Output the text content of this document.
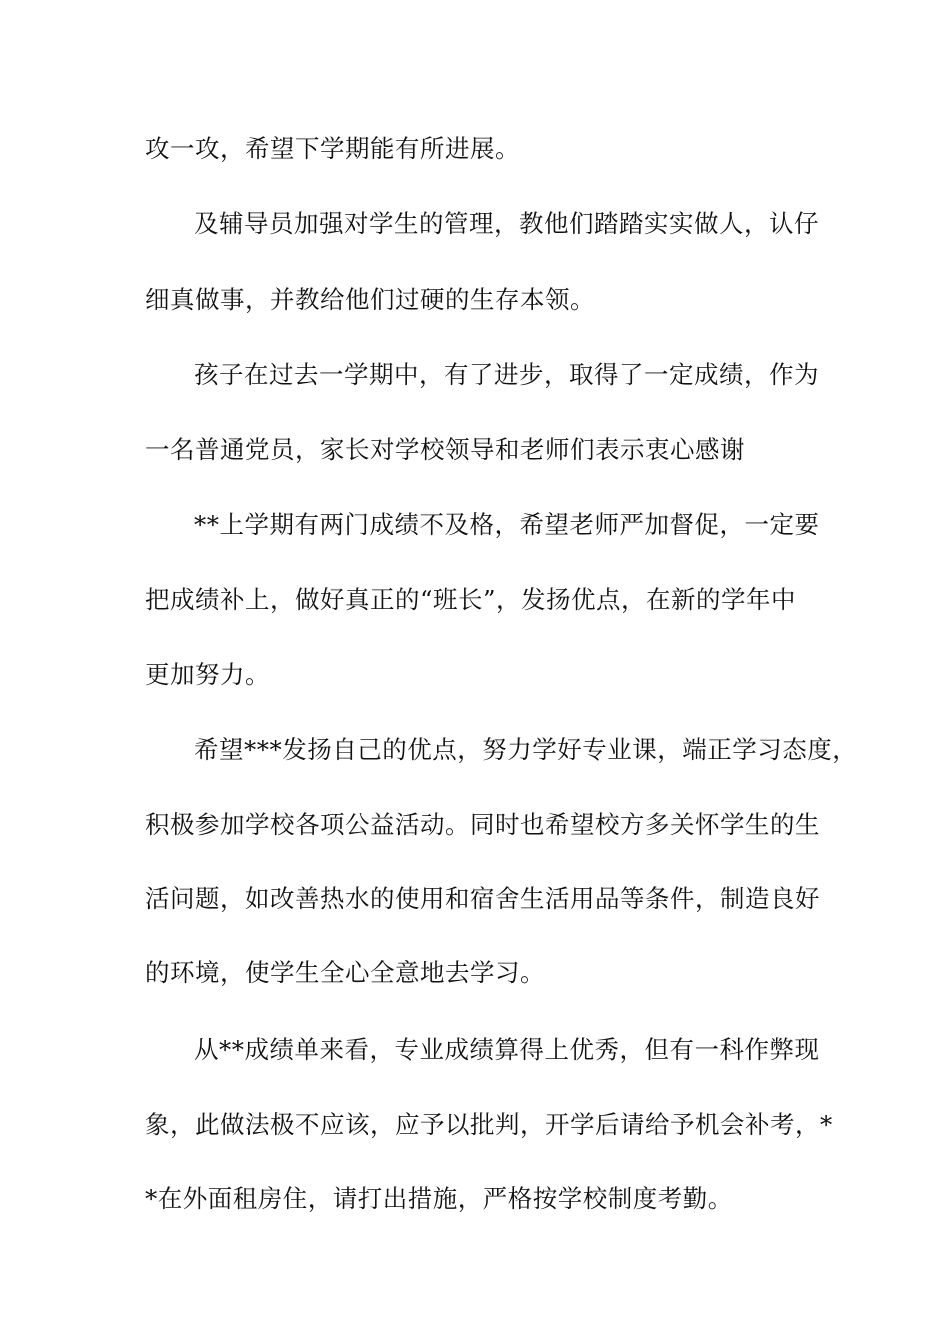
攻一攻，希望下学期能有所进展。
及辅导员加强对学生的管理，教他们踏踏实实做人，认仔
细真做事，并教给他们过硬的生存本领。
孩子在过去一学期中，有了进步，取得了一定成绩，作为
一名普通党员，家长对学校领导和老师们表示衷心感谢
**上学期有两门成绩不及格，希望老师严加督促，一定要
把成绩补上，做好真正的“班长”，发扬优点，在新的学年中
更加努力。
希望***发扬自己的优点，努力学好专业课，端正学习态度，
积极参加学校各项公益活动。同时也希望校方多关怀学生的生
活问题，如改善热水的使用和宿舍生活用品等条件，制造良好
的环境，使学生全心全意地去学习。
从**成绩单来看，专业成绩算得上优秀，但有一科作弊现
象，此做法极不应该，应予以批判，开学后请给予机会补考，*
*在外面租房住，请打出措施，严格按学校制度考勤。
